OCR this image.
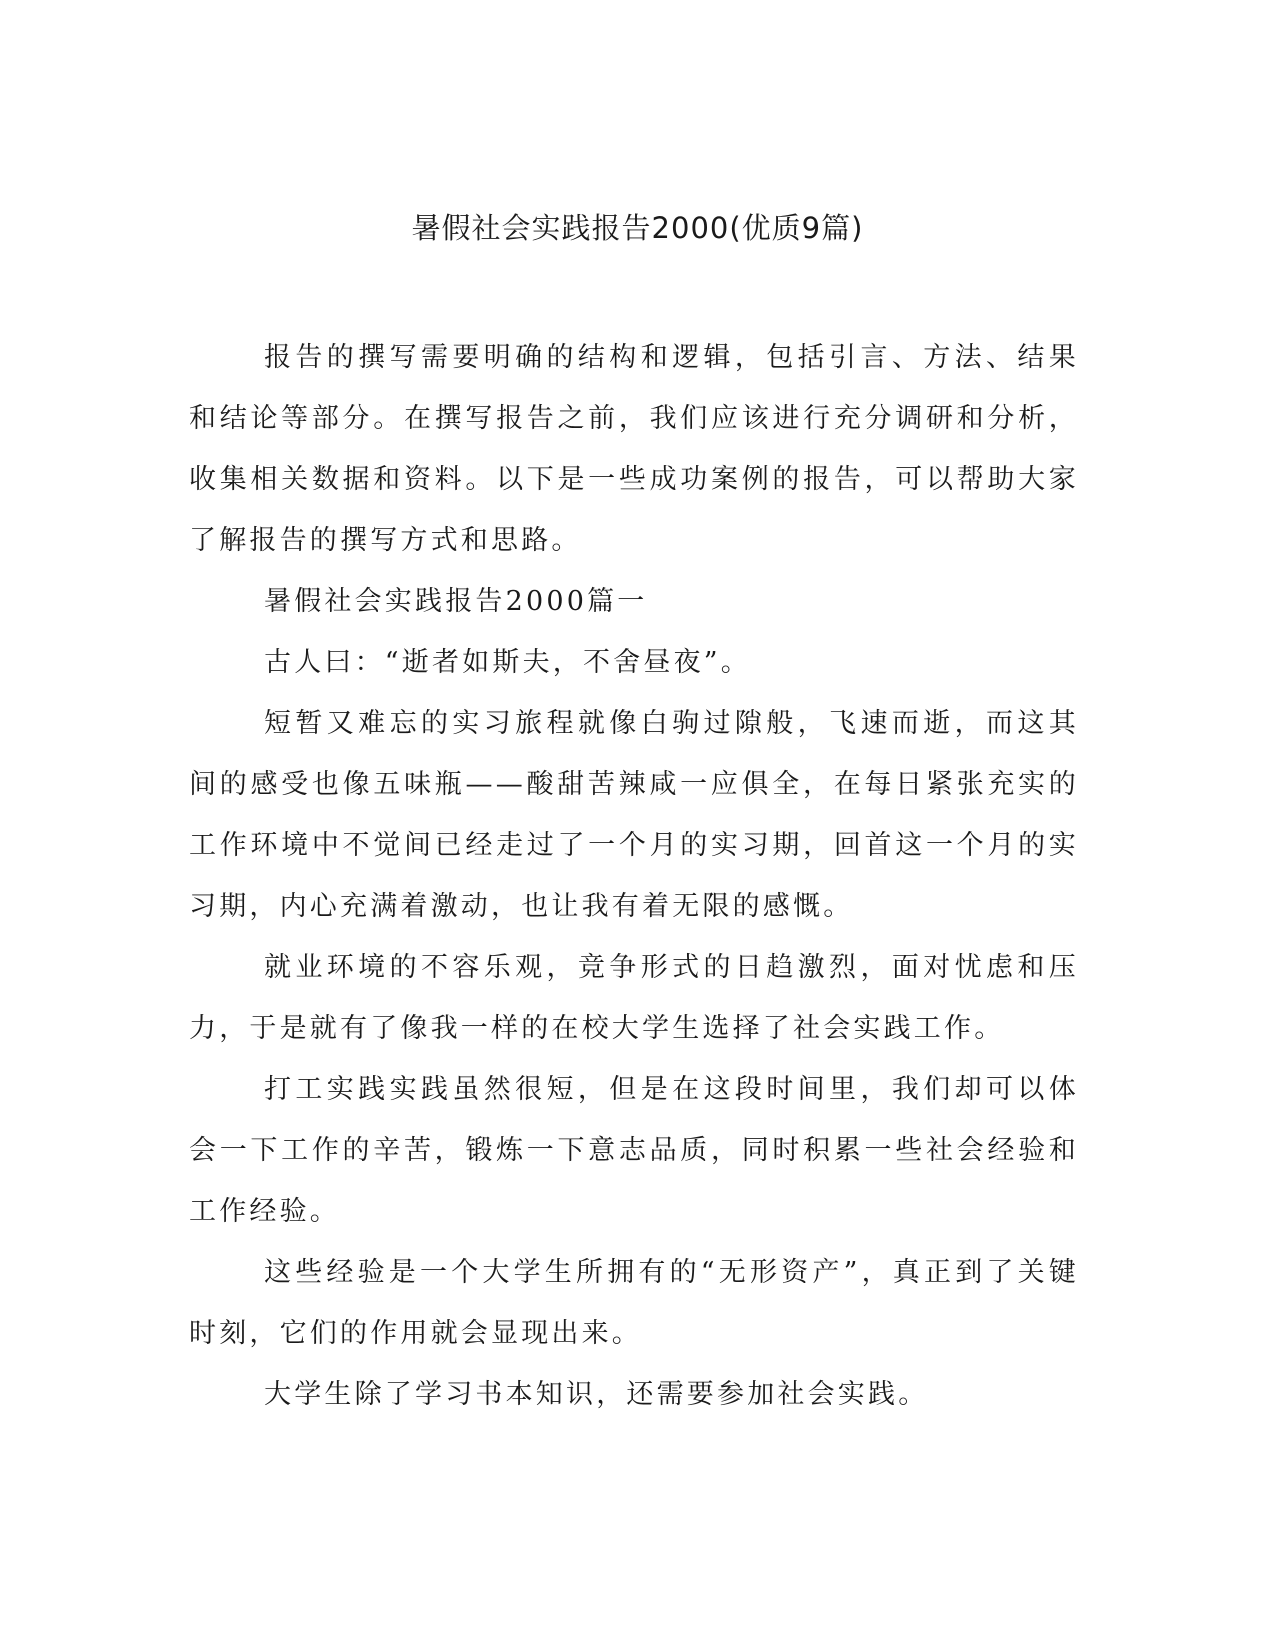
暑假社会实践报告2000(优质9篇)

报告的撰写需要明确的结构和逻辑，包括引言、方法、结果和结论等部分。在撰写报告之前，我们应该进行充分调研和分析，收集相关数据和资料。以下是一些成功案例的报告，可以帮助大家了解报告的撰写方式和思路。

暑假社会实践报告2000篇一

古人曰：“逝者如斯夫，不舍昼夜”。

短暂又难忘的实习旅程就像白驹过隙般，飞速而逝，而这其间的感受也像五味瓶——酸甜苦辣咸一应俱全，在每日紧张充实的工作环境中不觉间已经走过了一个月的实习期，回首这一个月的实习期，内心充满着激动，也让我有着无限的感慨。

就业环境的不容乐观，竞争形式的日趋激烈，面对忧虑和压力，于是就有了像我一样的在校大学生选择了社会实践工作。

打工实践实践虽然很短，但是在这段时间里，我们却可以体会一下工作的辛苦，锻炼一下意志品质，同时积累一些社会经验和工作经验。

这些经验是一个大学生所拥有的“无形资产”，真正到了关键时刻，它们的作用就会显现出来。

大学生除了学习书本知识，还需要参加社会实践。
